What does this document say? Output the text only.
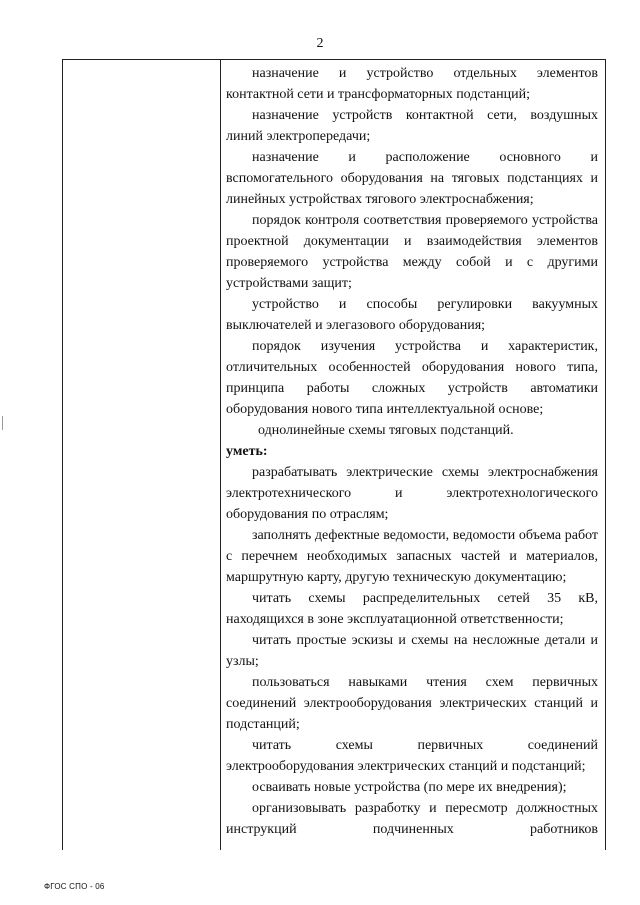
2

назначение и устройство отдельных элементов контактной сети и трансформаторных подстанций;

назначение устройств контактной сети, воздушных линий электропередачи;

назначение и расположение основного и вспомогательного оборудования на тяговых подстанциях и линейных устройствах тягового электроснабжения;

порядок контроля соответствия проверяемого устройства проектной документации и взаимодействия элементов проверяемого устройства между собой и с другими устройствами защит;

устройство и способы регулировки вакуумных выключателей и элегазового оборудования;

порядок изучения устройства и характеристик, отличительных особенностей оборудования нового типа, принципа работы сложных устройств автоматики оборудования нового типа интеллектуальной основе;

однолинейные схемы тяговых подстанций.

уметь:

разрабатывать электрические схемы электроснабжения электротехнического и электротехнологического оборудования по отраслям;

заполнять дефектные ведомости, ведомости объема работ с перечнем необходимых запасных частей и материалов, маршрутную карту, другую техническую документацию;

читать схемы распределительных сетей 35 кВ, находящихся в зоне эксплуатационной ответственности;

читать простые эскизы и схемы на несложные детали и узлы;

пользоваться навыками чтения схем первичных соединений электрооборудования электрических станций и подстанций;

читать схемы первичных соединений электрооборудования электрических станций и подстанций;

осваивать новые устройства (по мере их внедрения);

организовывать разработку и пересмотр должностных инструкций подчиненных работников

ФГОС СПО - 06
